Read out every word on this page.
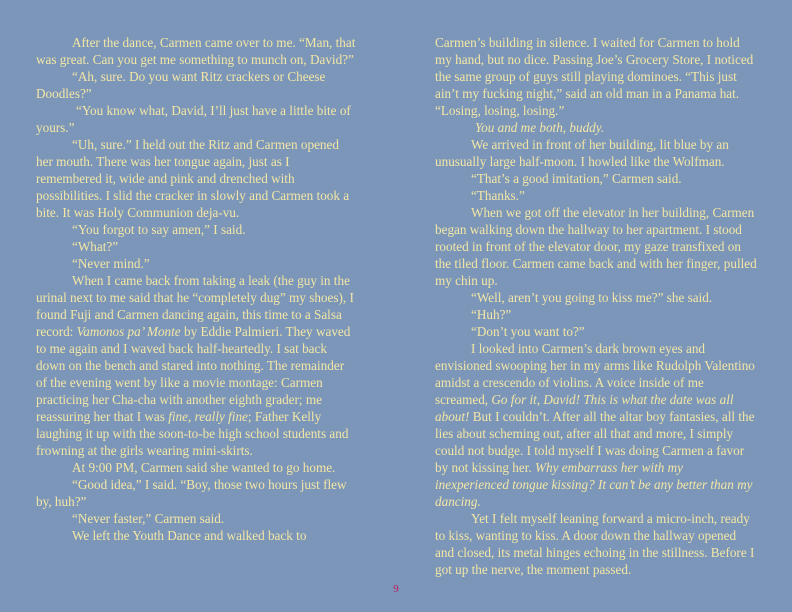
After the dance, Carmen came over to me. “Man, that was great. Can you get me something to munch on, David?”

“Ah, sure. Do you want Ritz crackers or Cheese Doodles?”

“You know what, David, I’ll just have a little bite of yours.”

“Uh, sure.” I held out the Ritz and Carmen opened her mouth. There was her tongue again, just as I remembered it, wide and pink and drenched with possibilities. I slid the cracker in slowly and Carmen took a bite. It was Holy Communion deja-vu.

“You forgot to say amen,” I said.

“What?”

“Never mind.”

When I came back from taking a leak (the guy in the urinal next to me said that he “completely dug” my shoes), I found Fuji and Carmen dancing again, this time to a Salsa record: Vamonos pa’ Monte by Eddie Palmieri. They waved to me again and I waved back half-heartedly. I sat back down on the bench and stared into nothing. The remainder of the evening went by like a movie montage: Carmen practicing her Cha-cha with another eighth grader; me reassuring her that I was fine, really fine; Father Kelly laughing it up with the soon-to-be high school students and frowning at the girls wearing mini-skirts.

At 9:00 PM, Carmen said she wanted to go home.

“Good idea,” I said. “Boy, those two hours just flew by, huh?”

“Never faster,” Carmen said.

We left the Youth Dance and walked back to

Carmen’s building in silence. I waited for Carmen to hold my hand, but no dice. Passing Joe’s Grocery Store, I noticed the same group of guys still playing dominoes. “This just ain’t my fucking night,” said an old man in a Panama hat. “Losing, losing, losing.”

You and me both, buddy.

We arrived in front of her building, lit blue by an unusually large half-moon. I howled like the Wolfman.

“That’s a good imitation,” Carmen said.

“Thanks.”

When we got off the elevator in her building, Carmen began walking down the hallway to her apartment. I stood rooted in front of the elevator door, my gaze transfixed on the tiled floor. Carmen came back and with her finger, pulled my chin up.

“Well, aren’t you going to kiss me?” she said.

“Huh?”

“Don’t you want to?”

I looked into Carmen’s dark brown eyes and envisioned swooping her in my arms like Rudolph Valentino amidst a crescendo of violins. A voice inside of me screamed, Go for it, David! This is what the date was all about! But I couldn’t. After all the altar boy fantasies, all the lies about scheming out, after all that and more, I simply could not budge. I told myself I was doing Carmen a favor by not kissing her. Why embarrass her with my inexperienced tongue kissing? It can’t be any better than my dancing.

Yet I felt myself leaning forward a micro-inch, ready to kiss, wanting to kiss. A door down the hallway opened and closed, its metal hinges echoing in the stillness. Before I got up the nerve, the moment passed.

9
